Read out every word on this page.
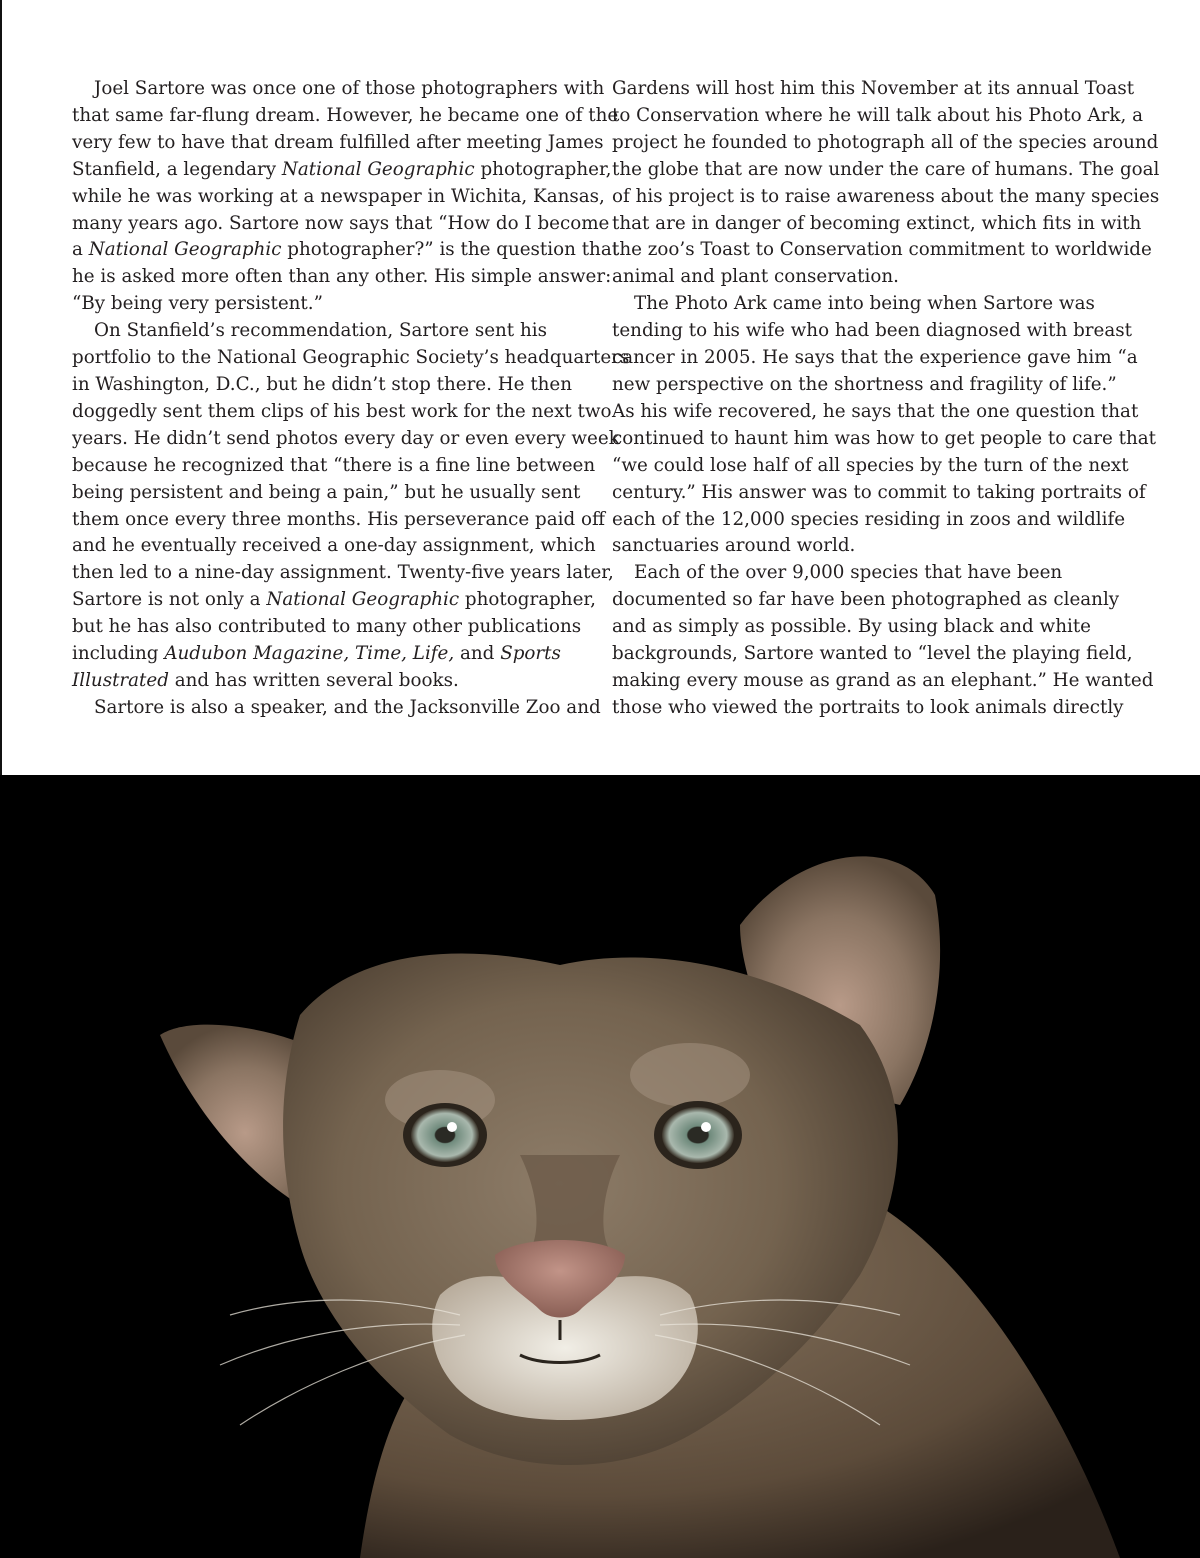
Joel Sartore was once one of those photographers with
that same far-flung dream. However, he became one of the
very few to have that dream fulfilled after meeting James
Stanfield, a legendary National Geographic photographer,
while he was working at a newspaper in Wichita, Kansas,
many years ago. Sartore now says that “How do I become
a National Geographic photographer?” is the question that
he is asked more often than any other. His simple answer:
“By being very persistent.”
On Stanfield’s recommendation, Sartore sent his
portfolio to the National Geographic Society’s headquarters
in Washington, D.C., but he didn’t stop there. He then
doggedly sent them clips of his best work for the next two
years. He didn’t send photos every day or even every week
because he recognized that “there is a fine line between
being persistent and being a pain,” but he usually sent
them once every three months. His perseverance paid off
and he eventually received a one-day assignment, which
then led to a nine-day assignment. Twenty-five years later,
Sartore is not only a National Geographic photographer,
but he has also contributed to many other publications
including Audubon Magazine, Time, Life, and Sports
Illustrated and has written several books.
Sartore is also a speaker, and the Jacksonville Zoo and
Gardens will host him this November at its annual Toast
to Conservation where he will talk about his Photo Ark, a
project he founded to photograph all of the species around
the globe that are now under the care of humans. The goal
of his project is to raise awareness about the many species
that are in danger of becoming extinct, which fits in with
the zoo’s Toast to Conservation commitment to worldwide
animal and plant conservation.
The Photo Ark came into being when Sartore was
tending to his wife who had been diagnosed with breast
cancer in 2005. He says that the experience gave him “a
new perspective on the shortness and fragility of life.”
As his wife recovered, he says that the one question that
continued to haunt him was how to get people to care that
“we could lose half of all species by the turn of the next
century.” His answer was to commit to taking portraits of
each of the 12,000 species residing in zoos and wildlife
sanctuaries around world.
Each of the over 9,000 species that have been
documented so far have been photographed as cleanly
and as simply as possible. By using black and white
backgrounds, Sartore wanted to “level the playing field,
making every mouse as grand as an elephant.” He wanted
those who viewed the portraits to look animals directly
